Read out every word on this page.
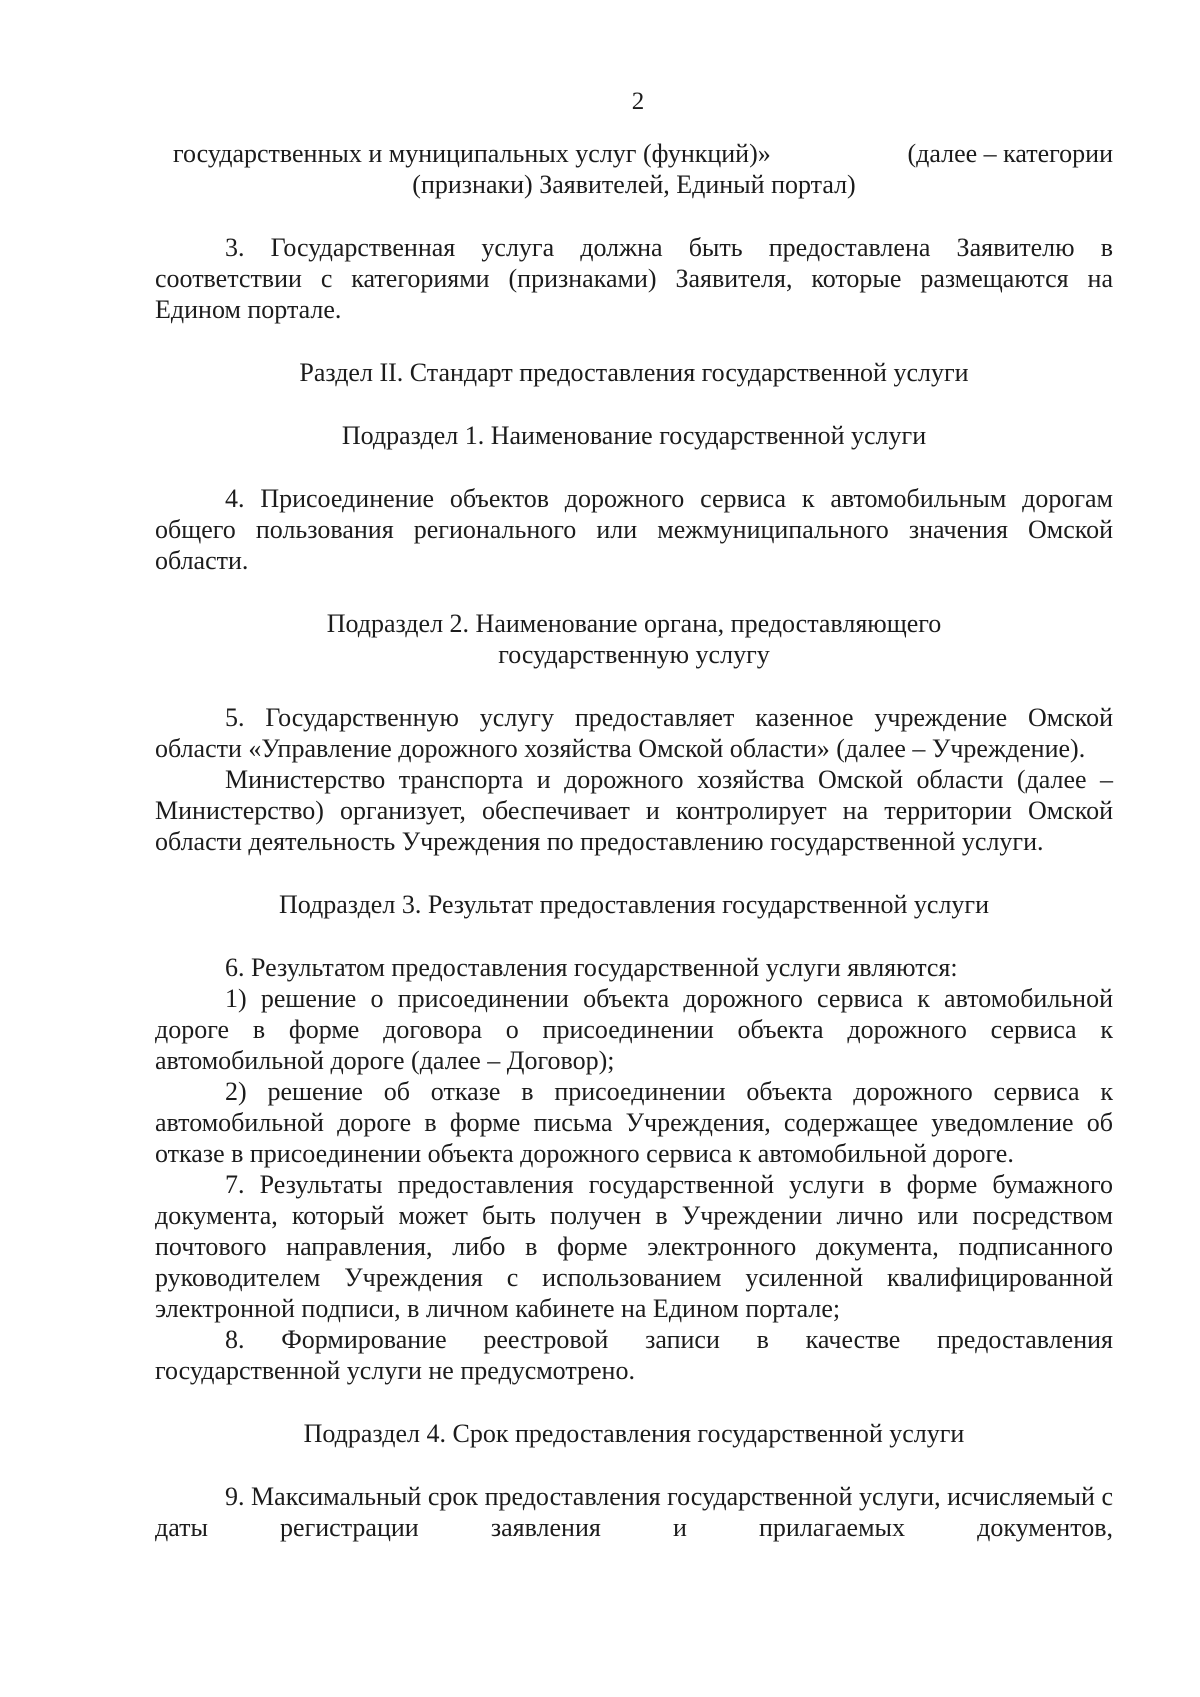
2
государственных и муниципальных услуг (функций)»	(далее – категории
(признаки) Заявителей, Единый портал)

3. Государственная услуга должна быть предоставлена Заявителю в соответствии с категориями (признаками) Заявителя, которые размещаются на Едином портале.

Раздел II. Стандарт предоставления государственной услуги

Подраздел 1. Наименование государственной услуги

4. Присоединение объектов дорожного сервиса к автомобильным дорогам общего пользования регионального или межмуниципального значения Омской области.

Подраздел 2. Наименование органа, предоставляющего

государственную услугу

5. Государственную услугу предоставляет казенное учреждение Омской области «Управление дорожного хозяйства Омской области» (далее – Учреждение).

Министерство транспорта и дорожного хозяйства Омской области (далее – Министерство) организует, обеспечивает и контролирует на территории Омской области деятельность Учреждения по предоставлению государственной услуги.

Подраздел 3. Результат предоставления государственной услуги

6. Результатом предоставления государственной услуги являются:

1) решение о присоединении объекта дорожного сервиса к автомобильной дороге в форме договора о присоединении объекта дорожного сервиса к автомобильной дороге (далее – Договор);

2) решение об отказе в присоединении объекта дорожного сервиса к автомобильной дороге в форме письма Учреждения, содержащее уведомление об отказе в присоединении объекта дорожного сервиса к автомобильной дороге.

7. Результаты предоставления государственной услуги в форме бумажного документа, который может быть получен в Учреждении лично или посредством почтового направления, либо в форме электронного документа, подписанного руководителем Учреждения с использованием усиленной квалифицированной электронной подписи, в личном кабинете на Едином портале;

8. Формирование реестровой записи в качестве предоставления государственной услуги не предусмотрено.

Подраздел 4. Срок предоставления государственной услуги

9. Максимальный срок предоставления государственной услуги, исчисляемый с даты регистрации заявления и прилагаемых документов,
